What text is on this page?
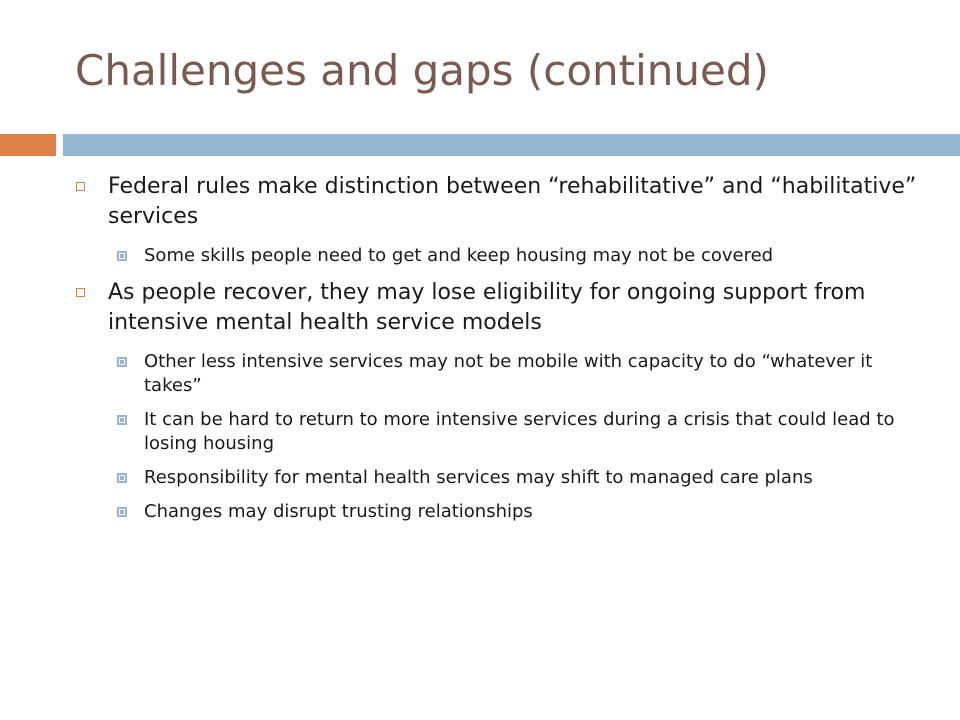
Challenges and gaps (continued)
Federal rules make distinction between “rehabilitative” and “habilitative” services
Some skills people need to get and keep housing may not be covered
As people recover, they may lose eligibility for ongoing support from intensive mental health service models
Other less intensive services may not be mobile with capacity to do “whatever it takes”
It can be hard to return to more intensive services during a crisis that could lead to losing housing
Responsibility for mental health services may shift to managed care plans
Changes may disrupt trusting relationships
